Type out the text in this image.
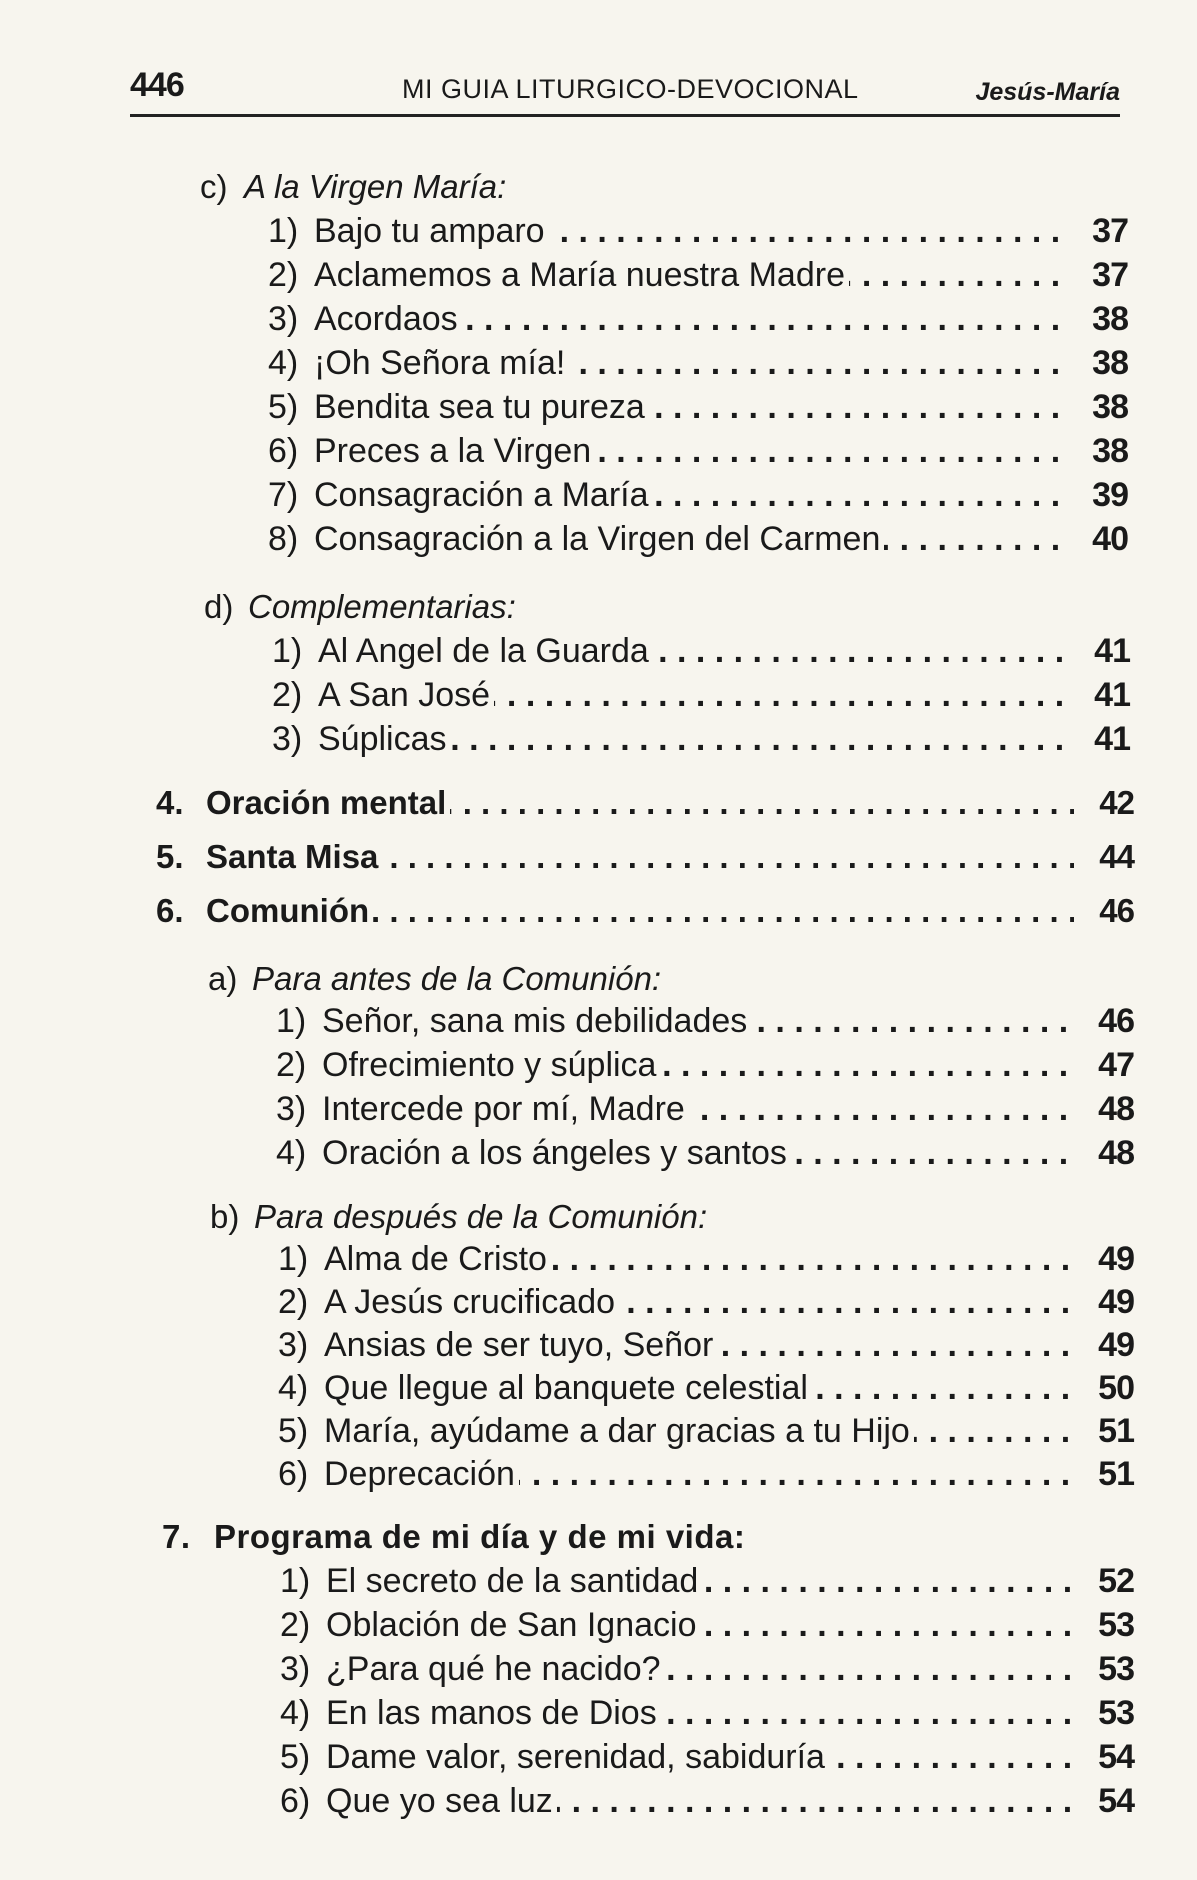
446	MI GUIA LITURGICO-DEVOCIONAL	Jesús-María
c) A la Virgen María:
1) Bajo tu amparo . . .	37
2) Aclamemos a María nuestra Madre . . .	37
3) Acordaos . . .	38
4) ¡Oh Señora mía! . . .	38
5) Bendita sea tu pureza . . .	38
6) Preces a la Virgen . . .	38
7) Consagración a María . . .	39
8) Consagración a la Virgen del Carmen . . .	40
d) Complementarias:
1) Al Angel de la Guarda . . .	41
2) A San José . . .	41
3) Súplicas . . .	41
4. Oración mental . . .	42
5. Santa Misa . . .	44
6. Comunión . . .	46
a) Para antes de la Comunión:
1) Señor, sana mis debilidades . . .	46
2) Ofrecimiento y súplica . . .	47
3) Intercede por mí, Madre . . .	48
4) Oración a los ángeles y santos . . .	48
b) Para después de la Comunión:
1) Alma de Cristo . . .	49
2) A Jesús crucificado . . .	49
3) Ansias de ser tuyo, Señor . . .	49
4) Que llegue al banquete celestial . . .	50
5) María, ayúdame a dar gracias a tu Hijo . . .	51
6) Deprecación . . .	51
7. Programa de mi día y de mi vida:
1) El secreto de la santidad . . .	52
2) Oblación de San Ignacio . . .	53
3) ¿Para qué he nacido? . . .	53
4) En las manos de Dios . . .	53
5) Dame valor, serenidad, sabiduría . . .	54
6) Que yo sea luz . . .	54
